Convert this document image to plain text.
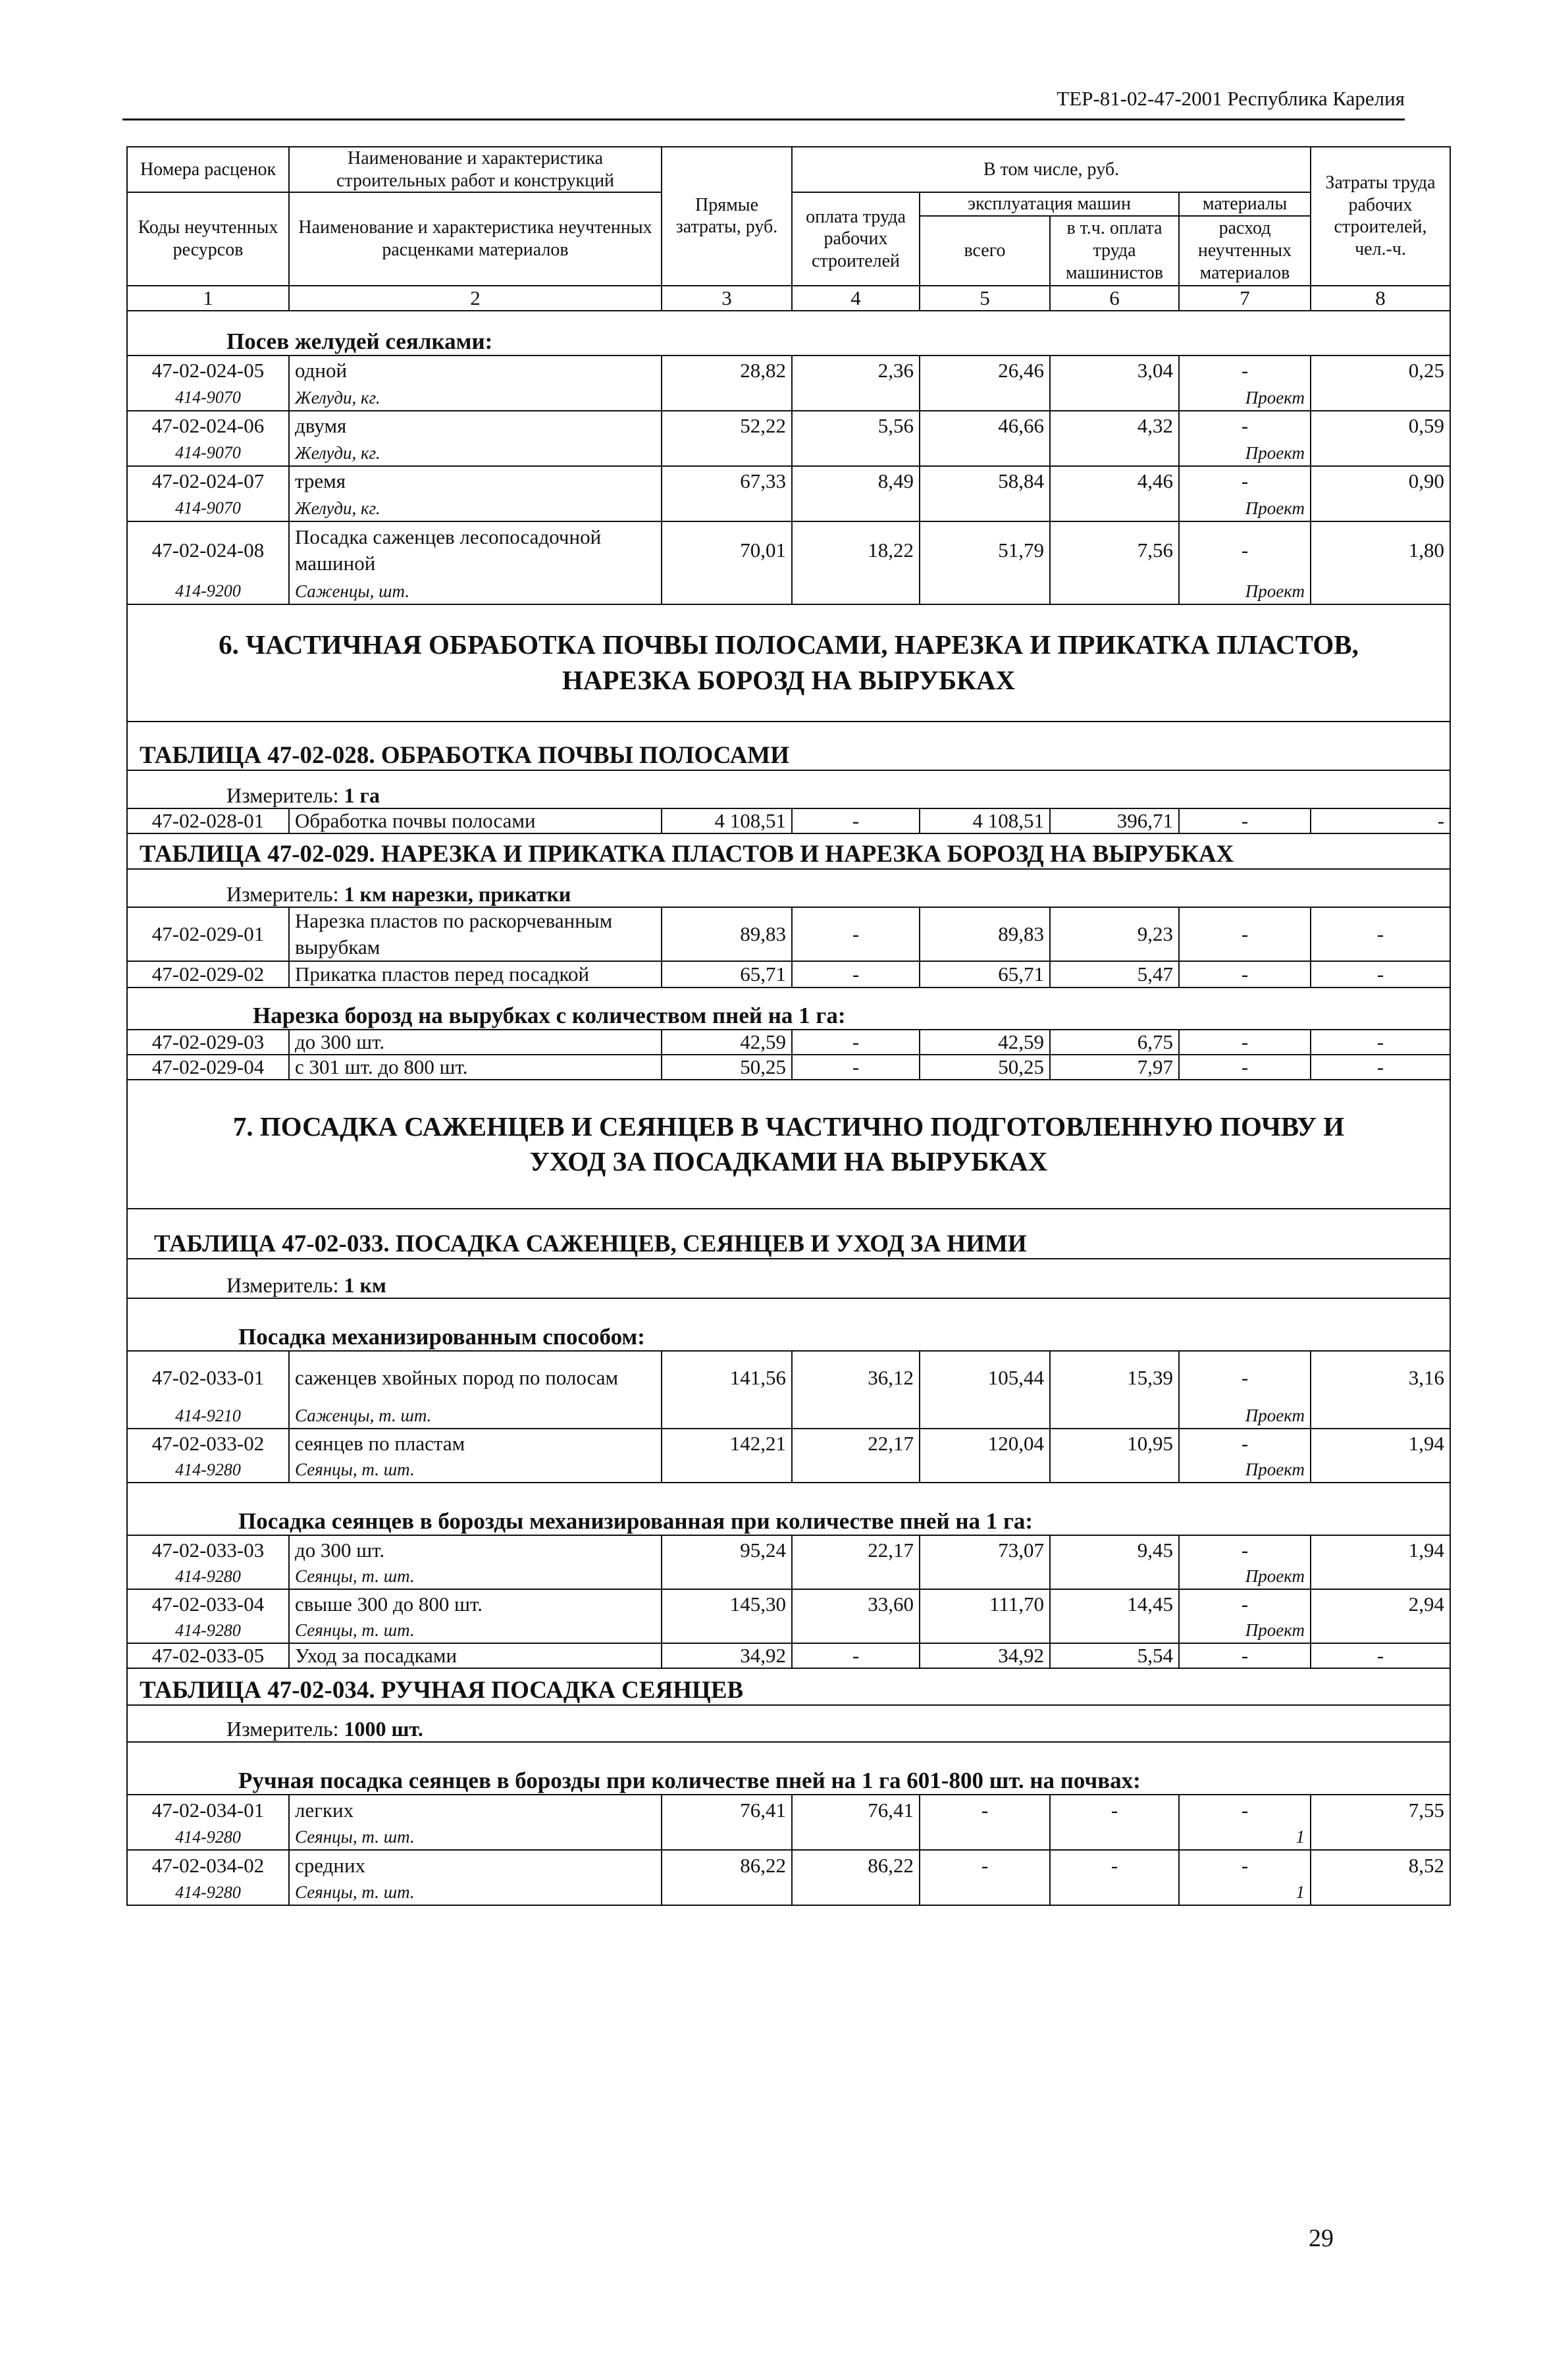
ТЕР-81-02-47-2001 Республика Карелия
Номера расценок	Наименование и характеристика строительных работ и конструкций	Прямые затраты, руб.	В том числе, руб.				Затраты труда рабочих строителей, чел.-ч.
Коды неучтенных ресурсов	Наименование и характеристика неучтенных расценками материалов		оплата труда рабочих строителей	эксплуатация машин		материалы	
				всего	в т.ч. оплата труда машинистов	расход неучтенных материалов	
1	2	3	4	5	6	7	8
Посев желудей сеялками:							
47-02-024-05	одной	28,82	2,36	26,46	3,04	-	0,25
414-9070	Желуди, кг.					Проект	
47-02-024-06	двумя	52,22	5,56	46,66	4,32	-	0,59
414-9070	Желуди, кг.					Проект	
47-02-024-07	тремя	67,33	8,49	58,84	4,46	-	0,90
414-9070	Желуди, кг.					Проект	
47-02-024-08	Посадка саженцев лесопосадочной машиной	70,01	18,22	51,79	7,56	-	1,80
414-9200	Саженцы, шт.					Проект	

6. ЧАСТИЧНАЯ ОБРАБОТКА ПОЧВЫ ПОЛОСАМИ, НАРЕЗКА И ПРИКАТКА ПЛАСТОВ,
НАРЕЗКА БОРОЗД НА ВЫРУБКАХ							

ТАБЛИЦА 47-02-028. ОБРАБОТКА ПОЧВЫ ПОЛОСАМИ							
Измеритель: 1 га							
47-02-028-01	Обработка почвы полосами	4 108,51	-	4 108,51	396,71	-	-
ТАБЛИЦА 47-02-029. НАРЕЗКА И ПРИКАТКА ПЛАСТОВ И НАРЕЗКА БОРОЗД НА ВЫРУБКАХ							
Измеритель: 1 км нарезки, прикатки							
47-02-029-01	Нарезка пластов по раскорчеванным вырубкам	89,83	-	89,83	9,23	-	-
47-02-029-02	Прикатка пластов перед посадкой	65,71	-	65,71	5,47	-	-
Нарезка борозд на вырубках с количеством пней на 1 га:							
47-02-029-03	до 300 шт.	42,59	-	42,59	6,75	-	-
47-02-029-04	с 301 шт. до 800 шт.	50,25	-	50,25	7,97	-	-

7. ПОСАДКА САЖЕНЦЕВ И СЕЯНЦЕВ В ЧАСТИЧНО ПОДГОТОВЛЕННУЮ ПОЧВУ И
УХОД ЗА ПОСАДКАМИ НА ВЫРУБКАХ							

ТАБЛИЦА 47-02-033. ПОСАДКА САЖЕНЦЕВ, СЕЯНЦЕВ И УХОД ЗА НИМИ							
Измеритель: 1 км							
Посадка механизированным способом:							
47-02-033-01	саженцев хвойных пород по полосам	141,56	36,12	105,44	15,39	-	3,16
414-9210	Саженцы, т. шт.					Проект	
47-02-033-02	сеянцев по пластам	142,21	22,17	120,04	10,95	-	1,94
414-9280	Сеянцы, т. шт.					Проект	
Посадка сеянцев в борозды механизированная при количестве пней на 1 га:							
47-02-033-03	до 300 шт.	95,24	22,17	73,07	9,45	-	1,94
414-9280	Сеянцы, т. шт.					Проект	
47-02-033-04	свыше 300 до 800 шт.	145,30	33,60	111,70	14,45	-	2,94
414-9280	Сеянцы, т. шт.					Проект	
47-02-033-05	Уход за посадками	34,92	-	34,92	5,54	-	-
ТАБЛИЦА 47-02-034. РУЧНАЯ ПОСАДКА СЕЯНЦЕВ							
Измеритель: 1000 шт.							
Ручная посадка сеянцев в борозды при количестве пней на 1 га 601-800 шт. на почвах:							
47-02-034-01	легких	76,41	76,41	-	-	-	7,55
414-9280	Сеянцы, т. шт.					1	
47-02-034-02	средних	86,22	86,22	-	-	-	8,52
414-9280	Сеянцы, т. шт.					1	
29
